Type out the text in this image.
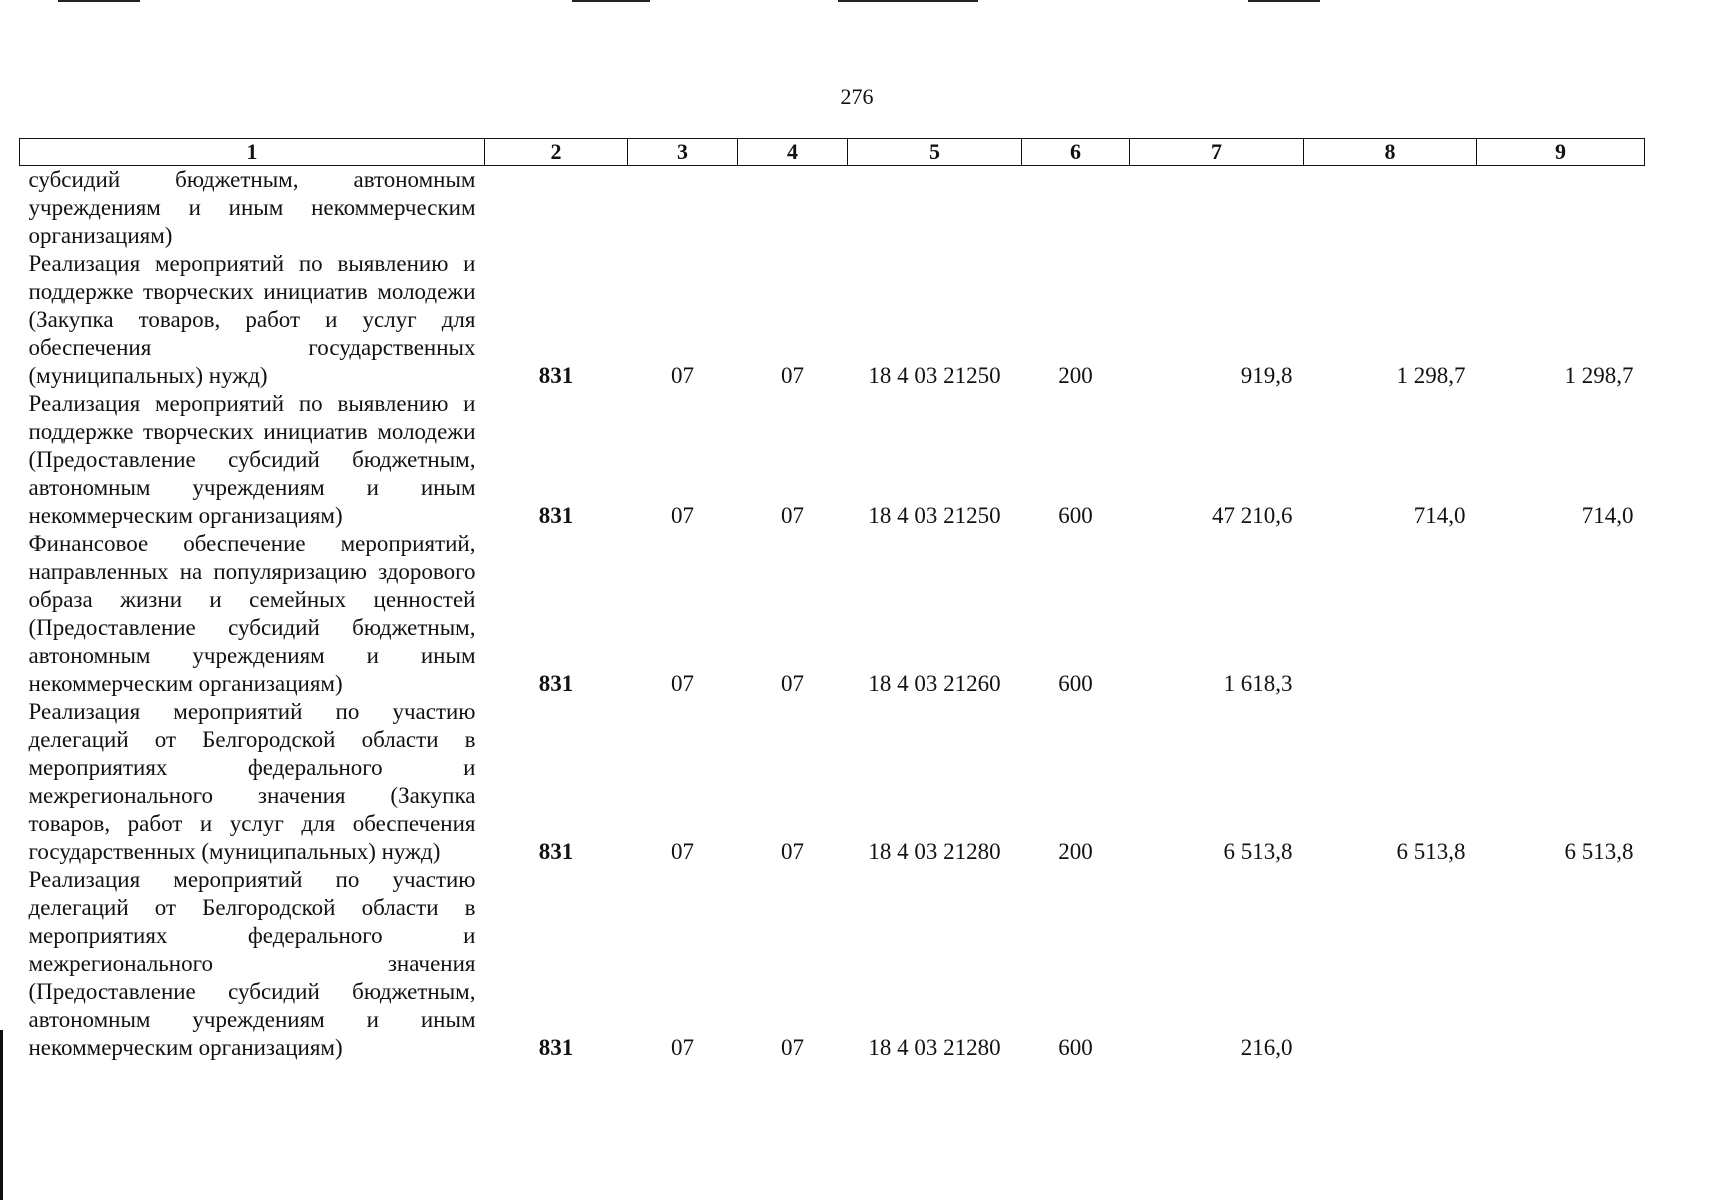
276
1	2	3	4	5	6	7	8	9
субсидий бюджетным, автономным учреждениям и иным некоммерческим организациям)								
Реализация мероприятий по выявлению и поддержке творческих инициатив молодежи (Закупка товаров, работ и услуг для обеспечения государственных (муниципальных) нужд)	831	07	07	18 4 03 21250	200	919,8	1 298,7	1 298,7
Реализация мероприятий по выявлению и поддержке творческих инициатив молодежи (Предоставление субсидий бюджетным, автономным учреждениям и иным некоммерческим организациям)	831	07	07	18 4 03 21250	600	47 210,6	714,0	714,0
Финансовое обеспечение мероприятий, направленных на популяризацию здорового образа жизни и семейных ценностей (Предоставление субсидий бюджетным, автономным учреждениям и иным некоммерческим организациям)	831	07	07	18 4 03 21260	600	1 618,3		
Реализация мероприятий по участию делегаций от Белгородской области в мероприятиях федерального и межрегионального значения (Закупка товаров, работ и услуг для обеспечения государственных (муниципальных) нужд)	831	07	07	18 4 03 21280	200	6 513,8	6 513,8	6 513,8
Реализация мероприятий по участию делегаций от Белгородской области в мероприятиях федерального и межрегионального значения (Предоставление субсидий бюджетным, автономным учреждениям и иным некоммерческим организациям)	831	07	07	18 4 03 21280	600	216,0		
